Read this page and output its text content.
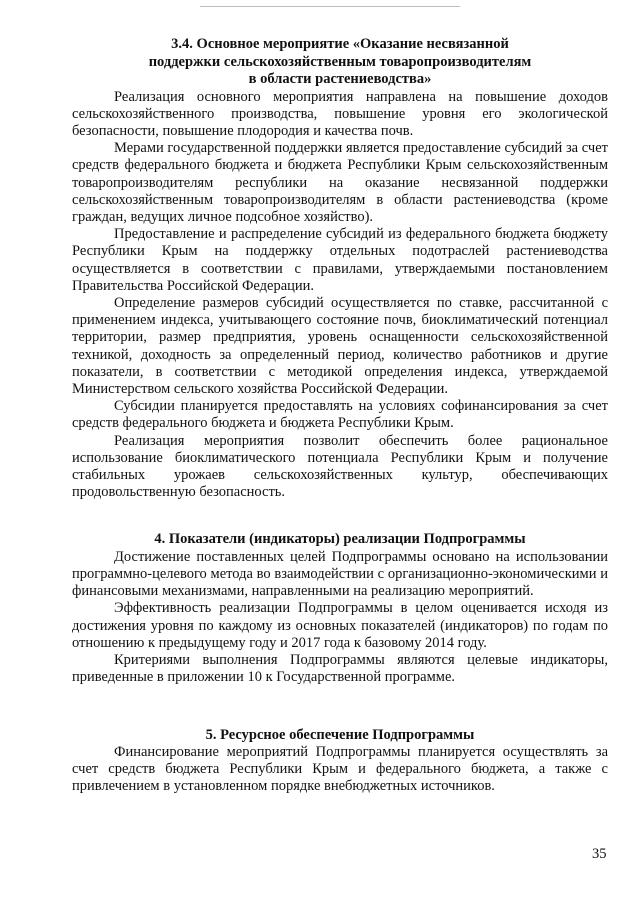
3.4. Основное мероприятие «Оказание несвязанной
поддержки сельскохозяйственным товаропроизводителям
в области растениеводства»

Реализация основного мероприятия направлена на повышение доходов сельскохозяйственного производства, повышение уровня его экологической безопасности, повышение плодородия и качества почв.

Мерами государственной поддержки является предоставление субсидий за счет средств федерального бюджета и бюджета Республики Крым сельскохозяйственным товаропроизводителям республики на оказание несвязанной поддержки сельскохозяйственным товаропроизводителям в области растениеводства (кроме граждан, ведущих личное подсобное хозяйство).

Предоставление и распределение субсидий из федерального бюджета бюджету Республики Крым на поддержку отдельных подотраслей растениеводства осуществляется в соответствии с правилами, утверждаемыми постановлением Правительства Российской Федерации.

Определение размеров субсидий осуществляется по ставке, рассчитанной с применением индекса, учитывающего состояние почв, биоклиматический потенциал территории, размер предприятия, уровень оснащенности сельскохозяйственной техникой, доходность за определенный период, количество работников и другие показатели, в соответствии с методикой определения индекса, утверждаемой Министерством сельского хозяйства Российской Федерации.

Субсидии планируется предоставлять на условиях софинансирования за счет средств федерального бюджета и бюджета Республики Крым.

Реализация мероприятия позволит обеспечить более рациональное использование биоклиматического потенциала Республики Крым и получение стабильных урожаев сельскохозяйственных культур, обеспечивающих продовольственную безопасность.

4. Показатели (индикаторы) реализации Подпрограммы

Достижение поставленных целей Подпрограммы основано на использовании программно-целевого метода во взаимодействии с организационно-экономическими и финансовыми механизмами, направленными на реализацию мероприятий.

Эффективность реализации Подпрограммы в целом оценивается исходя из достижения уровня по каждому из основных показателей (индикаторов) по годам по отношению к предыдущему году и 2017 года к базовому 2014 году.

Критериями выполнения Подпрограммы являются целевые индикаторы, приведенные в приложении 10 к Государственной программе.

5. Ресурсное обеспечение Подпрограммы

Финансирование мероприятий Подпрограммы планируется осуществлять за счет средств бюджета Республики Крым и федерального бюджета, а также с привлечением в установленном порядке внебюджетных источников.

35
